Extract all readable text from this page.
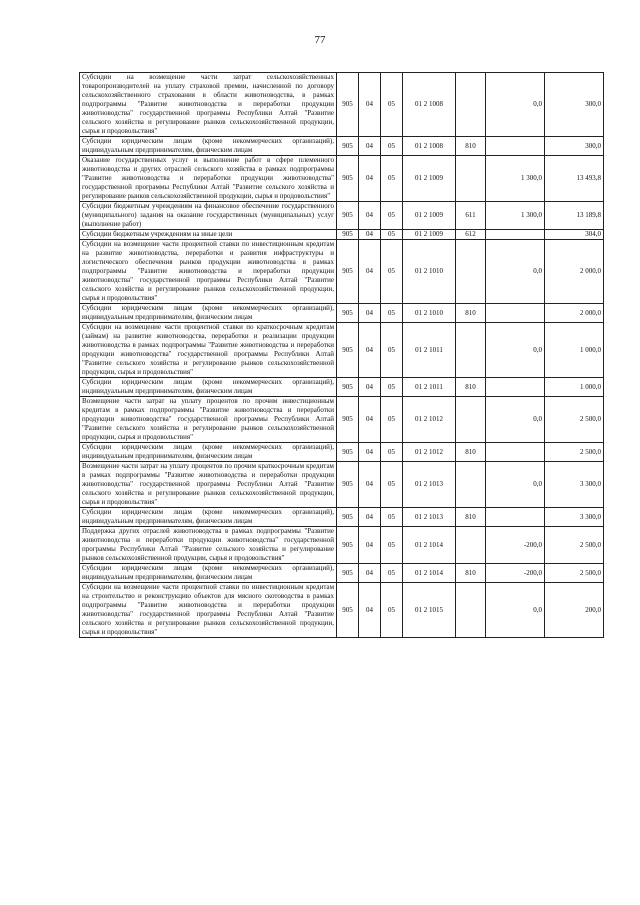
77
Субсидии на возмещение части затрат сельскохозяйственных товаропроизводителей на уплату страховой премии, начисленной по договору сельскохозяйственного страхования в области животноводства, в рамках подпрограммы "Развитие животноводства и переработки продукции животноводства" государственной программы Республики Алтай "Развитие сельского хозяйства и регулирование рынков сельскохозяйственной продукции, сырья и продовольствия"	905	04	05	01 2 1008		0,0	300,0
Субсидии юридическим лицам (кроме некоммерческих организаций), индивидуальным предпринимателям, физическим лицам	905	04	05	01 2 1008	810		300,0
Оказание государственных услуг и выполнение работ в сфере племенного животноводства и других отраслей сельского хозяйства в рамках подпрограммы "Развитие животноводства и переработки продукции животноводства" государственной программы Республики Алтай "Развитие сельского хозяйства и регулирование рынков сельскохозяйственной продукции, сырья и продовольствия"	905	04	05	01 2 1009		1 300,0	13 493,8
Субсидии бюджетным учреждениям на финансовое обеспечение государственного (муниципального) задания на оказание государственных (муниципальных) услуг (выполнение работ)	905	04	05	01 2 1009	611	1 300,0	13 189,8
Субсидии бюджетным учреждениям на иные цели	905	04	05	01 2 1009	612		304,0
Субсидии на возмещение части процентной ставки по инвестиционным кредитам на развитие животноводства, переработки и развития инфраструктуры и логистического обеспечения рынков продукции животноводства в рамках подпрограммы "Развитие животноводства и переработки продукции животноводства" государственной программы Республики Алтай "Развитие сельского хозяйства и регулирование рынков сельскохозяйственной продукции, сырья и продовольствия"	905	04	05	01 2 1010		0,0	2 000,0
Субсидии юридическим лицам (кроме некоммерческих организаций), индивидуальным предпринимателям, физическим лицам	905	04	05	01 2 1010	810		2 000,0
Субсидии на возмещение части процентной ставки по краткосрочным кредитам (займам) на развитие животноводства, переработки и реализации продукции животноводства в рамках подпрограммы "Развитие животноводства и переработки продукции животноводства" государственной программы Республики Алтай "Развитие сельского хозяйства и регулирование рынков сельскохозяйственной продукции, сырья и продовольствия"	905	04	05	01 2 1011		0,0	1 000,0
Субсидии юридическим лицам (кроме некоммерческих организаций), индивидуальным предпринимателям, физическим лицам	905	04	05	01 2 1011	810		1 000,0
Возмещение части затрат на уплату процентов по прочим инвестиционным кредитам в рамках подпрограммы "Развитие животноводства и переработки продукции животноводства" государственной программы Республики Алтай "Развитие сельского хозяйства и регулирование рынков сельскохозяйственной продукции, сырья и продовольствия"	905	04	05	01 2 1012		0,0	2 500,0
Субсидии юридическим лицам (кроме некоммерческих организаций), индивидуальным предпринимателям, физическим лицам	905	04	05	01 2 1012	810		2 500,0
Возмещение части затрат на уплату процентов по прочим краткосрочным кредитам в рамках подпрограммы "Развитие животноводства и переработки продукции животноводства" государственной программы Республики Алтай "Развитие сельского хозяйства и регулирование рынков сельскохозяйственной продукции, сырья и продовольствия"	905	04	05	01 2 1013		0,0	3 300,0
Субсидии юридическим лицам (кроме некоммерческих организаций), индивидуальным предпринимателям, физическим лицам	905	04	05	01 2 1013	810		3 300,0
Поддержка других отраслей животноводства в рамках подпрограммы "Развитие животноводства и переработки продукции животноводства" государственной программы Республики Алтай "Развитие сельского хозяйства и регулирование рынков сельскохозяйственной продукции, сырья и продовольствия"	905	04	05	01 2 1014		-200,0	2 500,0
Субсидии юридическим лицам (кроме некоммерческих организаций), индивидуальным предпринимателям, физическим лицам	905	04	05	01 2 1014	810	-200,0	2 500,0
Субсидии на возмещение части процентной ставки по инвестиционным кредитам на строительство и реконструкцию объектов для мясного скотоводства в рамках подпрограммы "Развитие животноводства и переработки продукции животноводства" государственной программы Республики Алтай "Развитие сельского хозяйства и регулирование рынков сельскохозяйственной продукции, сырья и продовольствия"	905	04	05	01 2 1015		0,0	200,0
